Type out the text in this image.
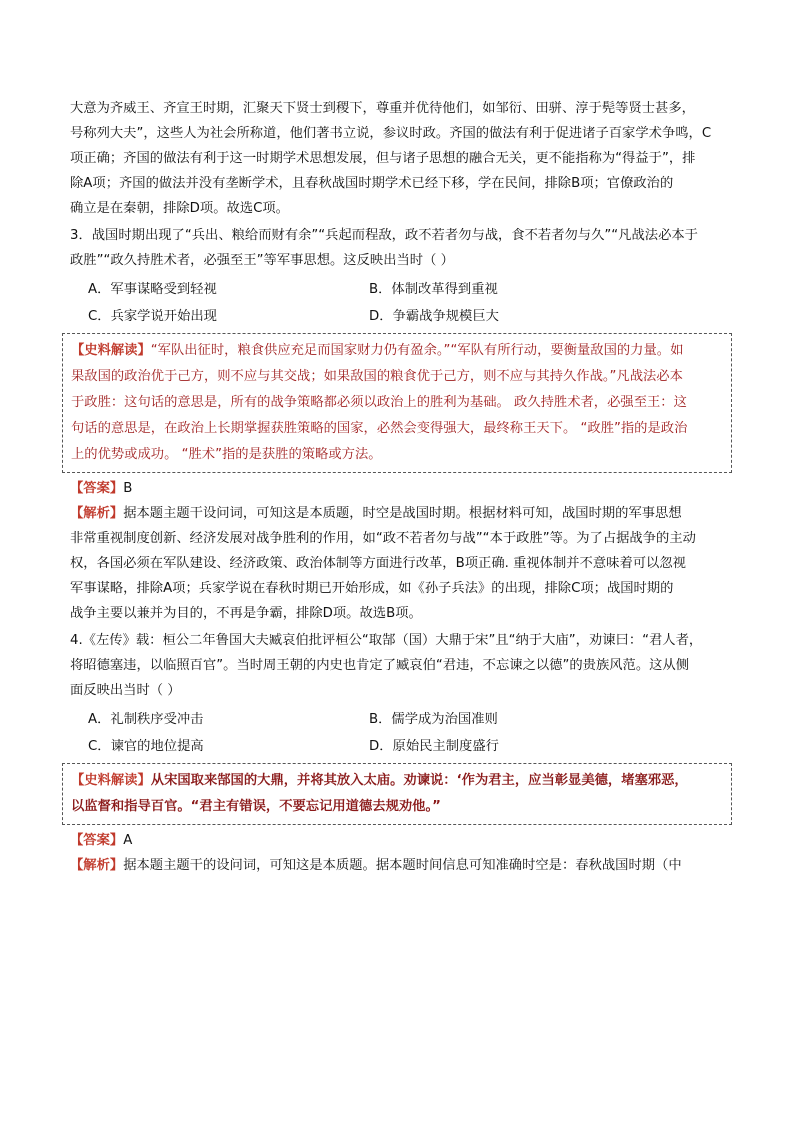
大意为齐威王、齐宣王时期，汇聚天下贤士到稷下，尊重并优待他们，如邹衍、田骈、淳于髡等贤士甚多，

号称列大夫”，这些人为社会所称道，他们著书立说，参议时政。齐国的做法有利于促进诸子百家学术争鸣，C

项正确；齐国的做法有利于这一时期学术思想发展，但与诸子思想的融合无关，更不能指称为“得益于”，排

除A项；齐国的做法并没有垄断学术，且春秋战国时期学术已经下移，学在民间，排除B项；官僚政治的

确立是在秦朝，排除D项。故选C项。

3．战国时期出现了“兵出、粮给而财有余”“兵起而程敌，政不若者勿与战，食不若者勿与久”“凡战法必本于

政胜”“政久持胜术者，必强至王”等军事思想。这反映出当时（ ）

A．军事谋略受到轻视	B．体制改革得到重视
C．兵家学说开始出现	D．争霸战争规模巨大

【史料解读】“军队出征时，粮食供应充足而国家财力仍有盈余。”“军队有所行动，要衡量敌国的力量。如

果敌国的政治优于己方，则不应与其交战；如果敌国的粮食优于己方，则不应与其持久作战。”凡战法必本

于政胜：这句话的意思是，所有的战争策略都必须以政治上的胜利为基础。 政久持胜术者，必强至王：这

句话的意思是，在政治上长期掌握获胜策略的国家，必然会变得强大，最终称王天下。 “政胜”指的是政治

上的优势或成功。 “胜术”指的是获胜的策略或方法。

【答案】B

【解析】据本题主题干设问词，可知这是本质题，时空是战国时期。根据材料可知，战国时期的军事思想

非常重视制度创新、经济发展对战争胜利的作用，如“政不若者勿与战”“本于政胜”等。为了占据战争的主动

权，各国必须在军队建设、经济政策、政治体制等方面进行改革，B项正确. 重视体制并不意味着可以忽视

军事谋略，排除A项；兵家学说在春秋时期已开始形成，如《孙子兵法》的出现，排除C项；战国时期的

战争主要以兼并为目的，不再是争霸，排除D项。故选B项。

4.《左传》载：桓公二年鲁国大夫臧哀伯批评桓公“取郜（国）大鼎于宋”且“纳于大庙”，劝谏曰：“君人者，

将昭德塞违，以临照百官”。当时周王朝的内史也肯定了臧哀伯“君违，不忘谏之以德”的贵族风范。这从侧

面反映出当时（ ）

A．礼制秩序受冲击	B．儒学成为治国准则
C．谏官的地位提高	D．原始民主制度盛行

【史料解读】从宋国取来郜国的大鼎，并将其放入太庙。劝谏说：‘作为君主，应当彰显美德，堵塞邪恶，

以监督和指导百官。“君主有错误，不要忘记用道德去规劝他。”

【答案】A

【解析】据本题主题干的设问词，可知这是本质题。据本题时间信息可知准确时空是：春秋战国时期（中
